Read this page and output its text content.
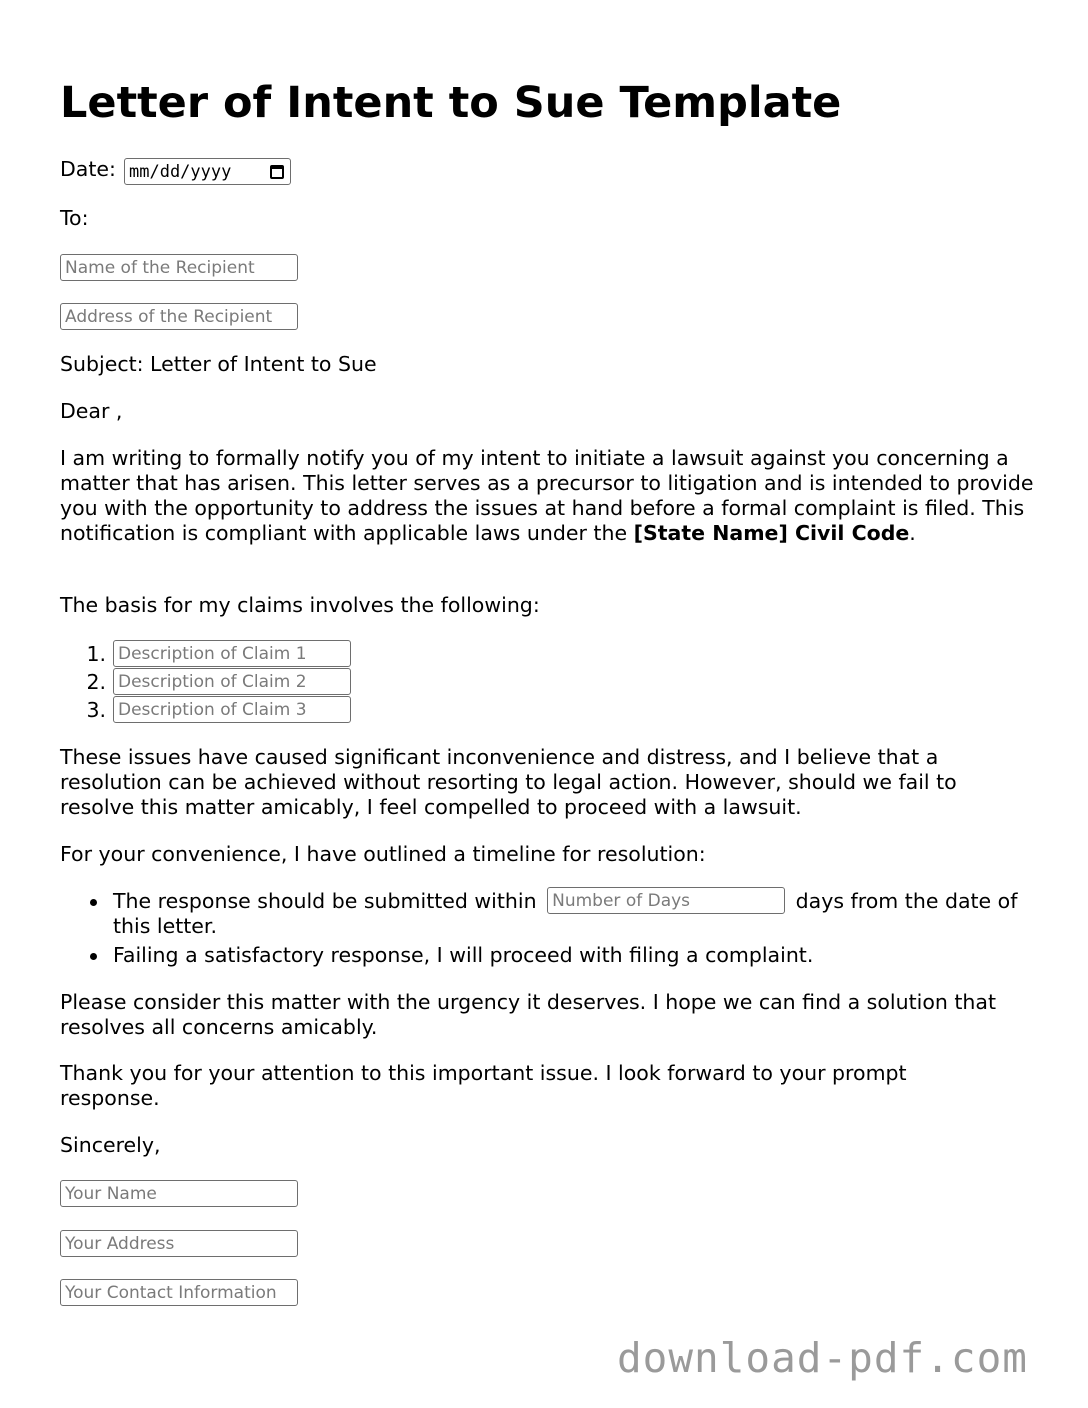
Letter of Intent to Sue Template
Date: mm/dd/yyyy
To:
Name of the Recipient
Address of the Recipient
Subject: Letter of Intent to Sue
Dear ,
I am writing to formally notify you of my intent to initiate a lawsuit against you concerning a matter that has arisen. This letter serves as a precursor to litigation and is intended to provide you with the opportunity to address the issues at hand before a formal complaint is filed. This notification is compliant with applicable laws under the [State Name] Civil Code.
The basis for my claims involves the following:
1.
Description of Claim 1
2.
Description of Claim 2
3.
Description of Claim 3
These issues have caused significant inconvenience and distress, and I believe that a resolution can be achieved without resorting to legal action. However, should we fail to resolve this matter amicably, I feel compelled to proceed with a lawsuit.
For your convenience, I have outlined a timeline for resolution:
The response should be submitted within Number of Days	days from the date of this letter.
Failing a satisfactory response, I will proceed with filing a complaint.
Please consider this matter with the urgency it deserves. I hope we can find a solution that resolves all concerns amicably.
Thank you for your attention to this important issue. I look forward to your prompt response.
Sincerely,
Your Name
Your Address
Your Contact Information
download-pdf.com
